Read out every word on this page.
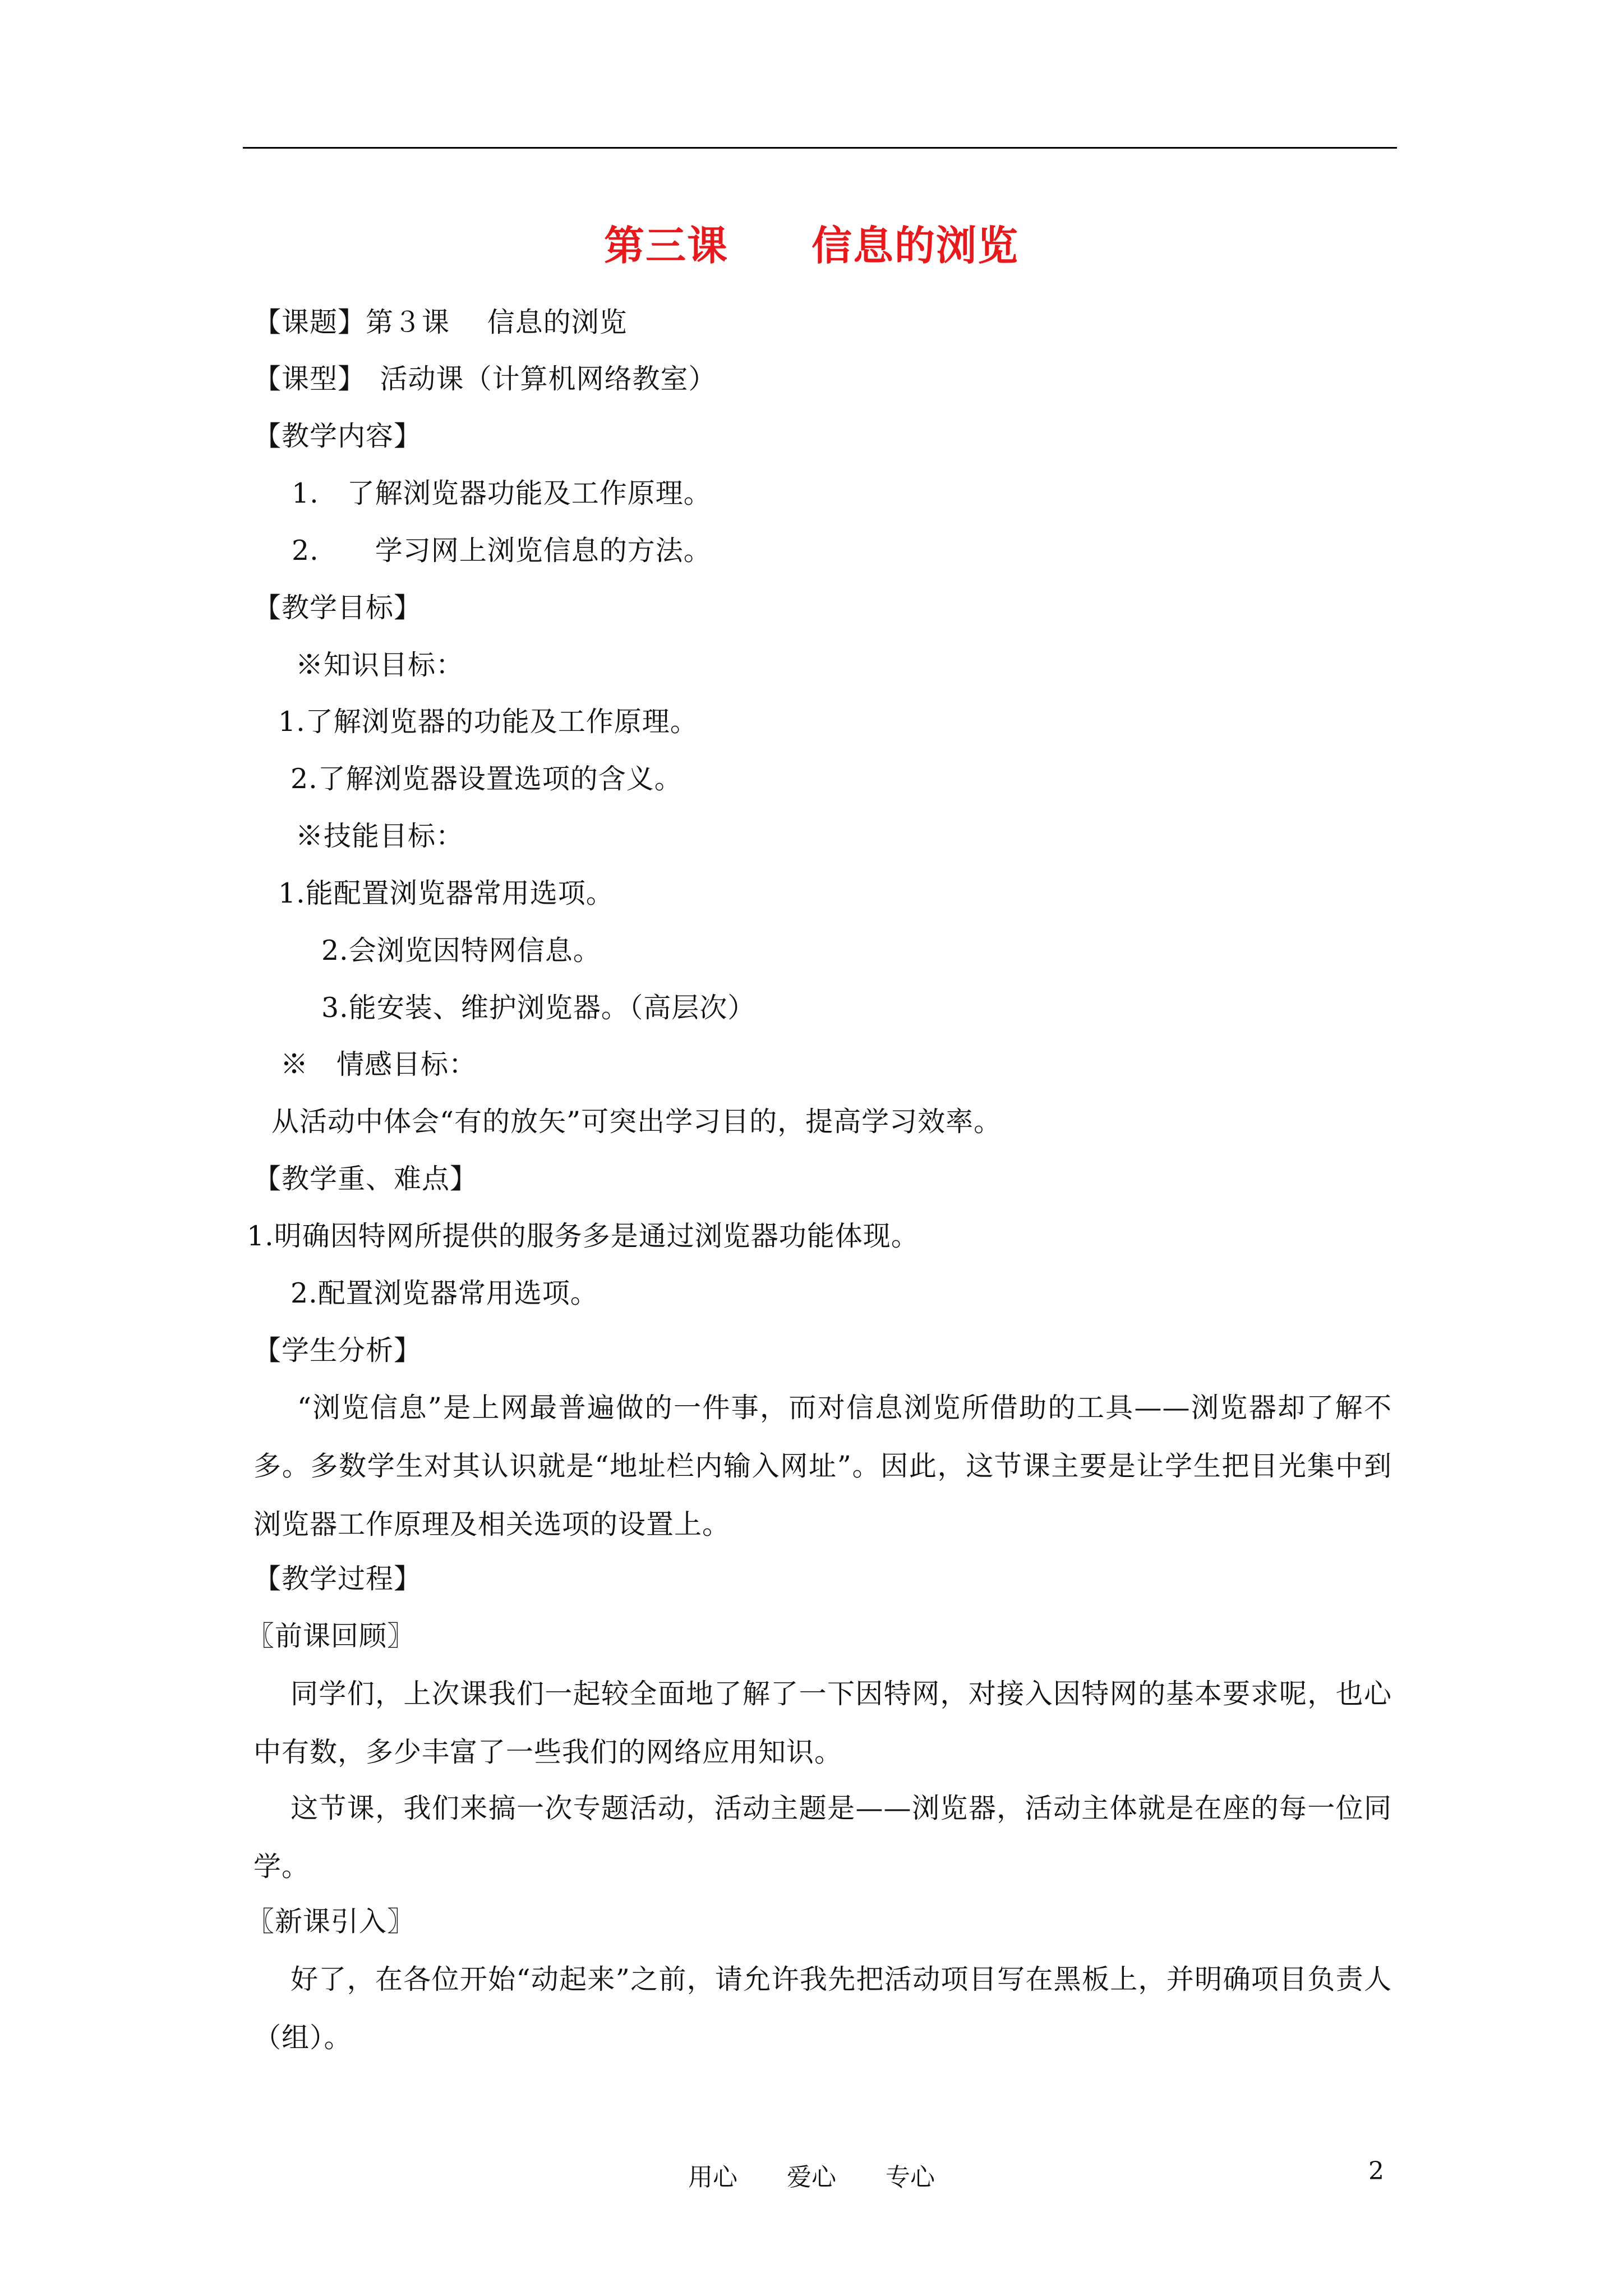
第三课　　信息的浏览
【课题】第３课　 信息的浏览
【课型】　活动课（计算机网络教室）
【教学内容】
1.　了解浏览器功能及工作原理。
2.　　学习网上浏览信息的方法。
【教学目标】
※知识目标：
1.了解浏览器的功能及工作原理。
2.了解浏览器设置选项的含义。
※技能目标：
1.能配置浏览器常用选项。
2.会浏览因特网信息。
3.能安装、维护浏览器。（高层次）
※　情感目标：
从活动中体会“有的放矢”可突出学习目的，提高学习效率。
【教学重、难点】
1.明确因特网所提供的服务多是通过浏览器功能体现。
2.配置浏览器常用选项。
【学生分析】
“浏览信息”是上网最普遍做的一件事，而对信息浏览所借助的工具——浏览器却了解不多。多数学生对其认识就是“地址栏内输入网址”。因此，这节课主要是让学生把目光集中到浏览器工作原理及相关选项的设置上。
【教学过程】
〖前课回顾〗
同学们，上次课我们一起较全面地了解了一下因特网，对接入因特网的基本要求呢，也心中有数，多少丰富了一些我们的网络应用知识。
这节课，我们来搞一次专题活动，活动主题是——浏览器，活动主体就是在座的每一位同学。
〖新课引入〗
好了，在各位开始“动起来”之前，请允许我先把活动项目写在黑板上，并明确项目负责人（组）。
用心　　爱心　　专心	2
